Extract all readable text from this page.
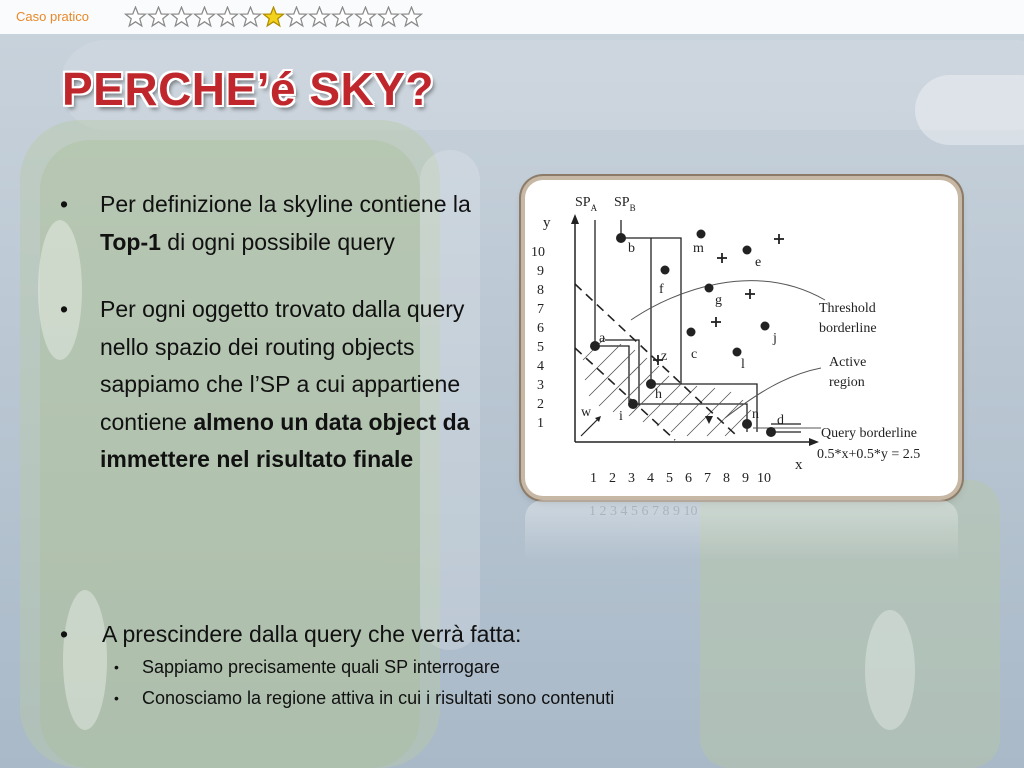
Caso pratico
PERCHE’é SKY?
• Per definizione la skyline contiene la Top-1 di ogni possibile query
• Per ogni oggetto trovato dalla query nello spazio dei routing objects sappiamo che l’SP a cui appartiene contiene almeno un data object da immettere nel risultato finale
• A prescindere dalla query che verrà fatta:
• Sappiamo precisamente quali SP interrogare
• Conosciamo la regione attiva in cui i risultati sono contenuti
y
x
1
2
3
4
5
6
7
8
9
10
1 2 3 4 5 6 7 8 9 10
$SP_A$ $SP_B$
w
a
b
c
d
e
f
g
h
i
j
l
m
n
z
Threshold
borderline
Active
region
Query borderline
0.5*x+0.5*y = 2.5
1 2 3 4 5 6 7 8 9 10
